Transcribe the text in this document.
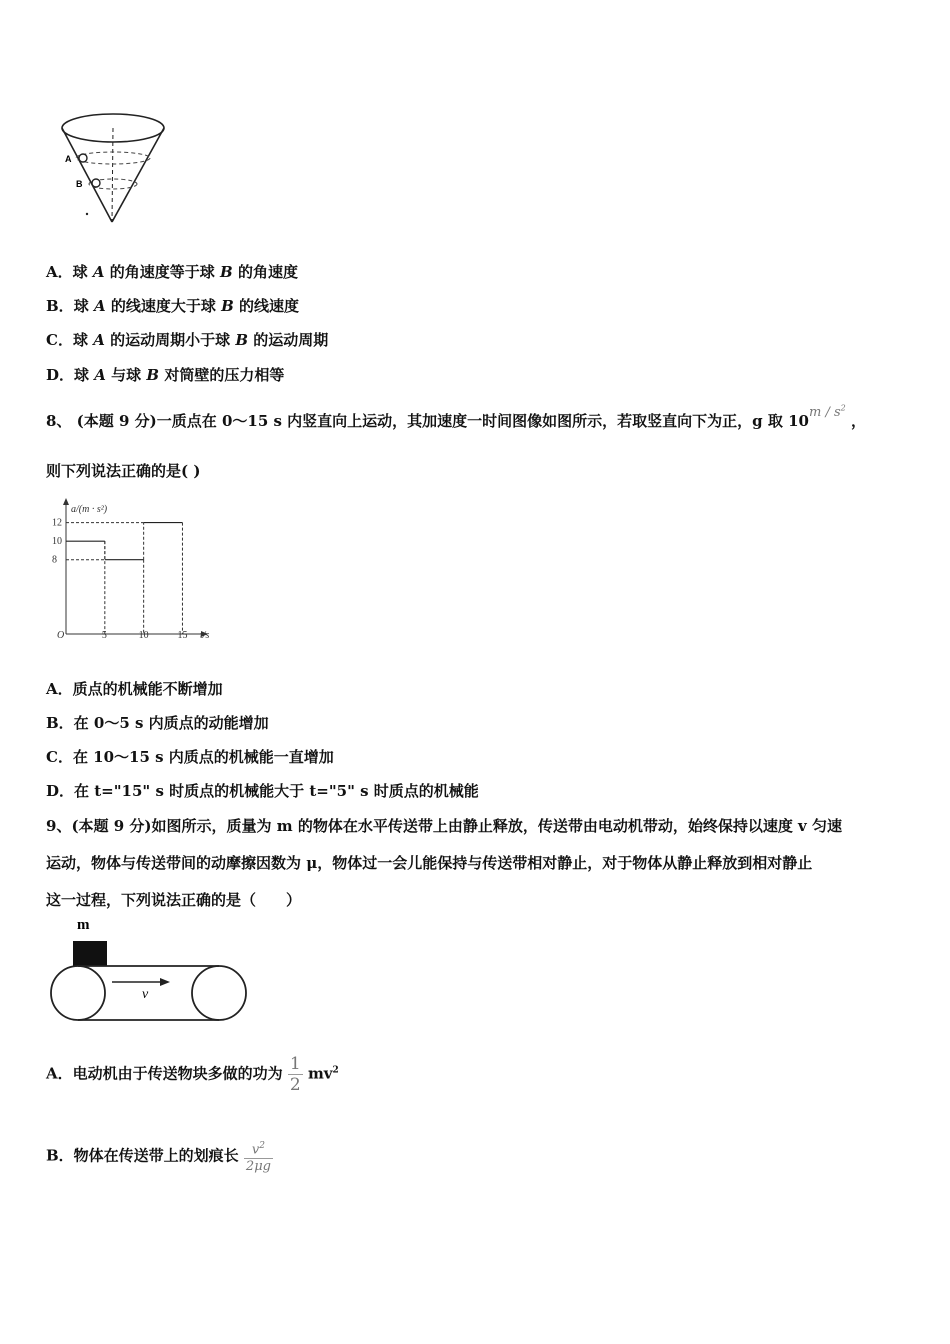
A
B
A．球 A 的角速度等于球 B 的角速度
B．球 A 的线速度大于球 B 的线速度
C．球 A 的运动周期小于球 B 的运动周期
D．球 A 与球 B 对筒壁的压力相等
8、 (本题 9 分)一质点在 0～15 s 内竖直向上运动，其加速度一时间图像如图所示，若取竖直向下为正，g 取 $10m / s^2$ ，
则下列说法正确的是( )
a/(m · s²)
t/s
O	5	10	15
8
10
12
A．质点的机械能不断增加
B．在 0～5 s 内质点的动能增加
C．在 10～15 s 内质点的机械能一直增加
D．在 t="15" s 时质点的机械能大于 t="5" s 时质点的机械能
9、(本题 9 分)如图所示，质量为 m 的物体在水平传送带上由静止释放，传送带由电动机带动，始终保持以速度 v 匀速
运动，物体与传送带间的动摩擦因数为 μ，物体过一会儿能保持与传送带相对静止，对于物体从静止释放到相对静止
这一过程，下列说法正确的是（　　）
m
v
A．电动机由于传送物块多做的功为 $\frac{1}{2} mv^2$
B．物体在传送带上的划痕长 $\frac{v^2}{2\mu g}$
